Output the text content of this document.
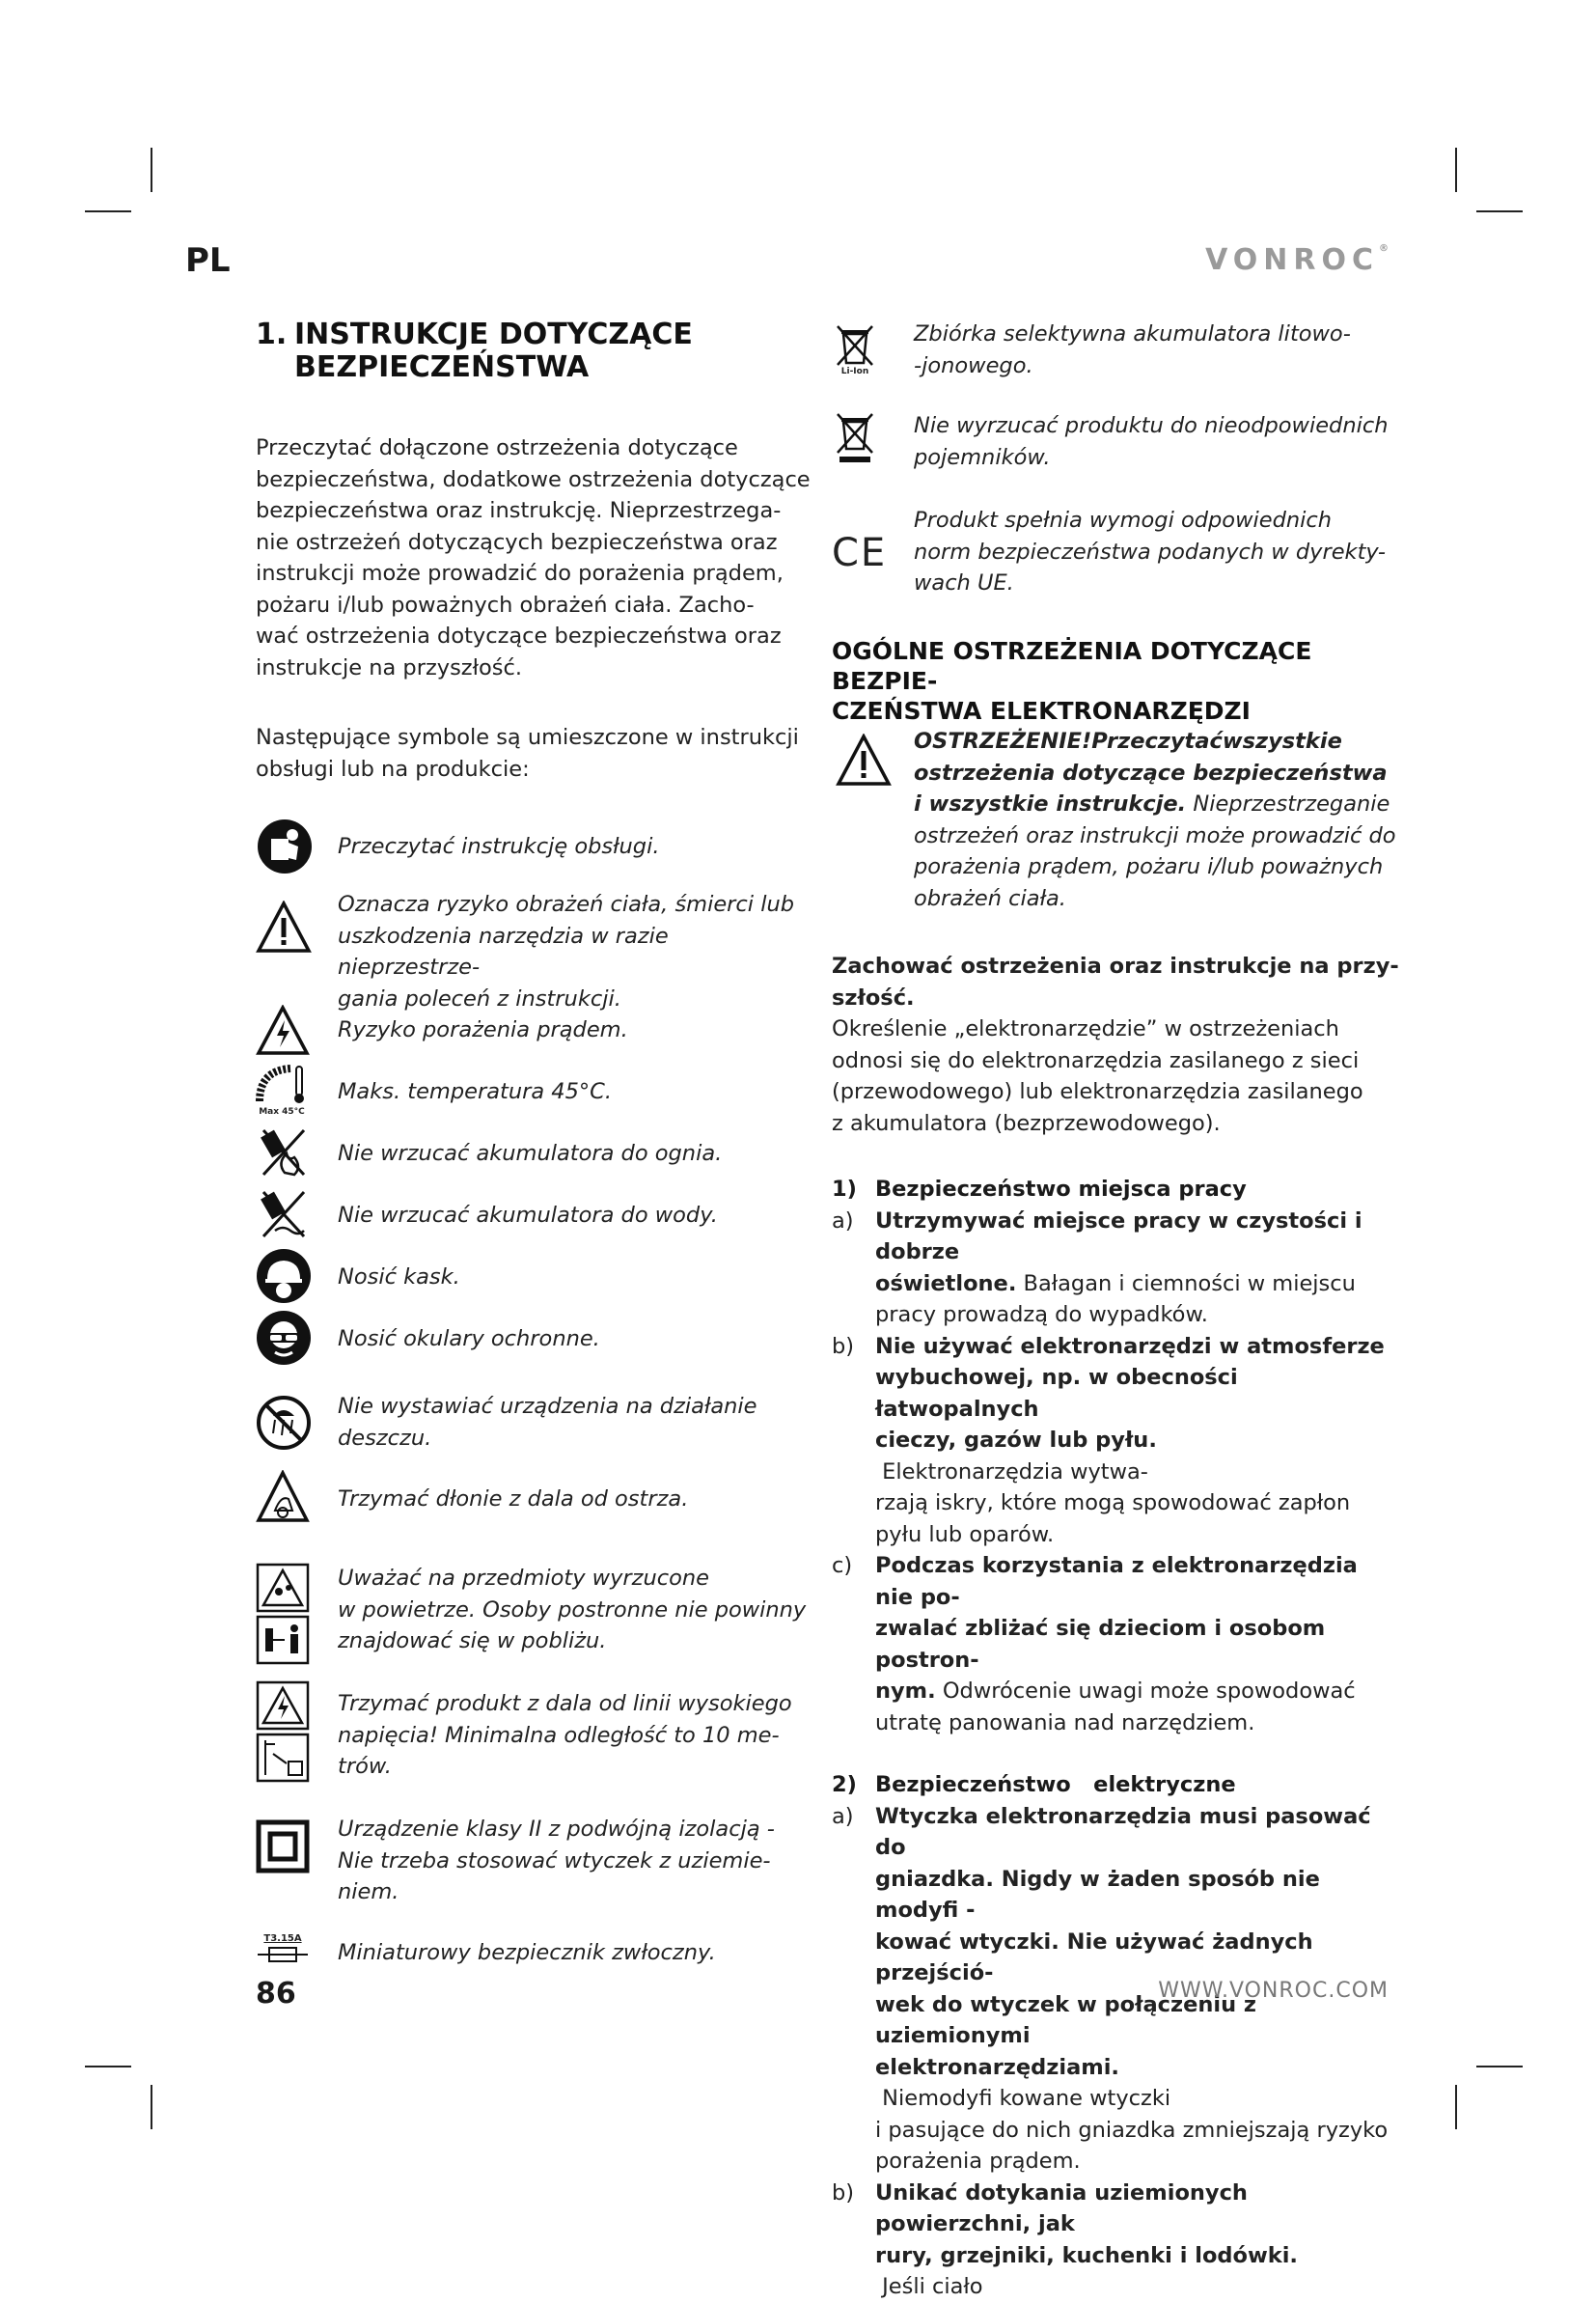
PL	VONROC®
1. INSTRUKCJE DOTYCZĄCE
BEZPIECZEŃSTWA
Przeczytać dołączone ostrzeżenia dotyczące
bezpieczeństwa, dodatkowe ostrzeżenia dotyczące
bezpieczeństwa oraz instrukcję. Nieprzestrzega-
nie ostrzeżeń dotyczących bezpieczeństwa oraz
instrukcji może prowadzić do porażenia prądem,
pożaru i/lub poważnych obrażeń ciała. Zacho-
wać ostrzeżenia dotyczące bezpieczeństwa oraz
instrukcje na przyszłość.
Następujące symbole są umieszczone w instrukcji
obsługi lub na produkcie:
Przeczytać instrukcję obsługi.
Oznacza ryzyko obrażeń ciała, śmierci lub
uszkodzenia narzędzia w razie nieprzestrze-
gania poleceń z instrukcji.
Ryzyko porażenia prądem.
Max 45°C
Maks. temperatura 45°C.
Nie wrzucać akumulatora do ognia.
Nie wrzucać akumulatora do wody.
Nosić kask.
Nosić okulary ochronne.
Nie wystawiać urządzenia na działanie
deszczu.
Trzymać dłonie z dala od ostrza.
Uważać na przedmioty wyrzucone
w powietrze. Osoby postronne nie powinny
znajdować się w pobliżu.
Trzymać produkt z dala od linii wysokiego
napięcia! Minimalna odległość to 10 me-
trów.
Urządzenie klasy II z podwójną izolacją -
Nie trzeba stosować wtyczek z uziemie-
niem.
T3.15A
Miniaturowy bezpiecznik zwłoczny.
Li-Ion
Zbiórka selektywna akumulatora litowo-
-jonowego.
Nie wyrzucać produktu do nieodpowiednich
pojemników.
CE
Produkt spełnia wymogi odpowiednich
norm bezpieczeństwa podanych w dyrekty-
wach UE.
OGÓLNE OSTRZEŻENIA DOTYCZĄCE BEZPIE-
CZEŃSTWA ELEKTRONARZĘDZI
OSTRZEŻENIE!Przeczytaćwszystkie
ostrzeżenia dotyczące bezpieczeństwa
i wszystkie instrukcje. Nieprzestrzeganie
ostrzeżeń oraz instrukcji może prowadzić do
porażenia prądem, pożaru i/lub poważnych
obrażeń ciała.
Zachować ostrzeżenia oraz instrukcje na przy-
szłość.
Określenie „elektronarzędzie” w ostrzeżeniach
odnosi się do elektronarzędzia zasilanego z sieci
(przewodowego) lub elektronarzędzia zasilanego
z akumulatora (bezprzewodowego).
1) Bezpieczeństwo miejsca pracy
a) Utrzymywać miejsce pracy w czystości i dobrze
oświetlone. Bałagan i ciemności w miejscu
pracy prowadzą do wypadków.
b) Nie używać elektronarzędzi w atmosferze
wybuchowej, np. w obecności łatwopalnych
cieczy, gazów lub pyłu. Elektronarzędzia wytwa-
rzają iskry, które mogą spowodować zapłon
pyłu lub oparów.
c)	Podczas korzystania z elektronarzędzia nie po-
zwalać zbliżać się dzieciom i osobom postron-
nym. Odwrócenie uwagi może spowodować
utratę panowania nad narzędziem.
2) Bezpieczeństwo   elektryczne
a) Wtyczka elektronarzędzia musi pasować do
gniazdka. Nigdy w żaden sposób nie modyfi -
kować wtyczki. Nie używać żadnych przejśció-
wek do wtyczek w połączeniu z uziemionymi
elektronarzędziami. Niemodyfi kowane wtyczki
i pasujące do nich gniazdka zmniejszają ryzyko
porażenia prądem.
b) Unikać dotykania uziemionych powierzchni, jak
rury, grzejniki, kuchenki i lodówki. Jeśli ciało
86	WWW.VONROC.COM
